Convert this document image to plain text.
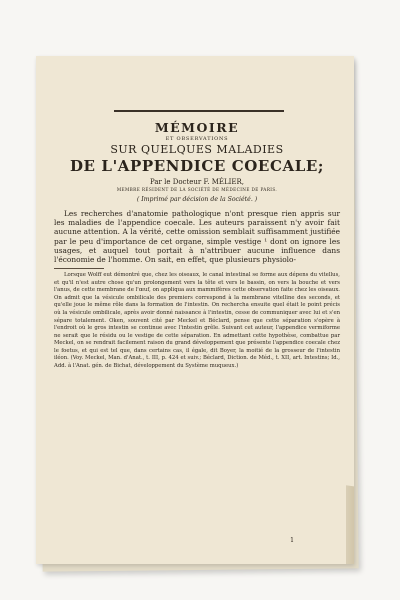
MÉMOIRE
ET OBSERVATIONS
SUR QUELQUES MALADIES
DE L'APPENDICE COECALE;
Par le Docteur F. MÉLIER,
MEMBRE RÉSIDENT DE LA SOCIÉTÉ DE MÉDECINE DE PARIS.
( Imprimé par décision de la Société. )
Les recherches d'anatomie pathologique n'ont presque rien appris sur les maladies de l'appendice coecale. Les auteurs paraissent n'y avoir fait aucune attention. A la vérité, cette omission semblait suffisamment justifiée par le peu d'importance de cet organe, simple vestige ¹ dont on ignore les usages, et auquel tout portait à n'attribuer aucune influence dans l'économie de l'homme. On sait, en effet, que plusieurs physiolo-
Lorsque Wolff eut démontré que, chez les oiseaux, le canal intestinal se forme aux dépens du vitellus, et qu'il n'est autre chose qu'un prolongement vers la tête et vers le bassin, on vers la bouche et vers l'anus, de cette membrane de l'œuf, on appliqua aux mammifères cette observation faite chez les oiseaux. On admit que la vésicule ombilicale des premiers correspond à la membrane vitelline des seconds, et qu'elle joue le même rôle dans la formation de l'intestin. On rechercha ensuite quel était le point précis où la vésicule ombilicale, après avoir donné naissance à l'intestin, cesse de communiquer avec lui et s'en sépare totalement. Oken, souvent cité par Meckel et Béclard, pense que cette séparation s'opère à l'endroit où le gros intestin se continue avec l'intestin grêle. Suivant cet auteur, l'appendice vermiforme ne serait que le résidu ou le vestige de cette séparation. En admettant cette hypothèse, combattue par Meckel, on se rendrait facilement raison du grand développement que présente l'appendice coecale chez le foetus, et qui est tel que, dans certains cas, il égale, dit Boyer, la moitié de la grosseur de l'intestin iléon. (Voy. Meckel, Man. d'Anat., t. III, p. 424 et suiv.; Béclard, Diction. de Méd., t. XII, art. Intestins; Id., Add. à l'Anat. gén. de Bichat, développement du Système muqueux.)
1
